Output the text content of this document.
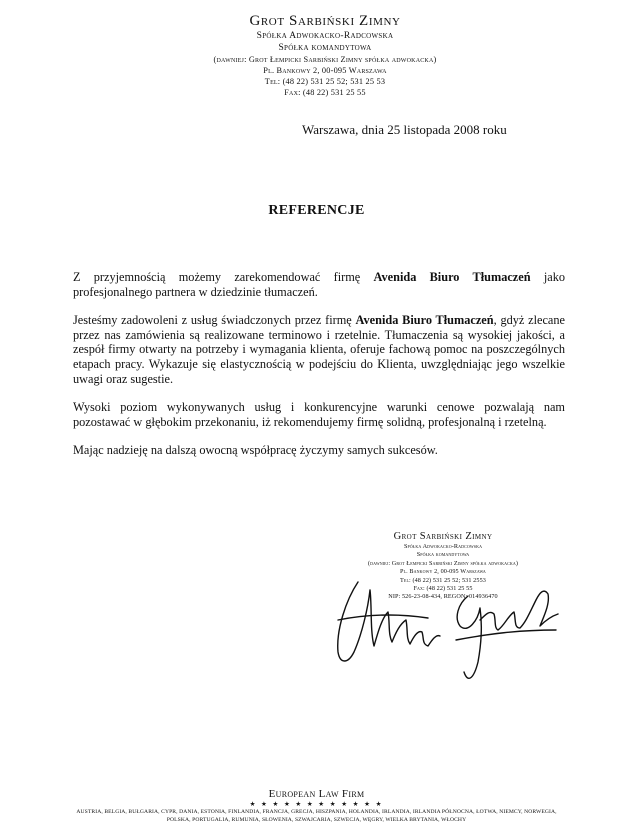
Grot Sarbiński Zimny
Spółka Adwokacko-Radcowska
Spółka komandytowa
(dawniej: Grot Łempicki Sarbiński Zimny spółka adwokacka)
Pl. Bankowy 2, 00-095 Warszawa
Tel: (48 22) 531 25 52; 531 25 53
Fax: (48 22) 531 25 55
Warszawa, dnia 25 listopada 2008 roku
REFERENCJE

Z przyjemnością możemy zarekomendować firmę Avenida Biuro Tłumaczeń jako profesjonalnego partnera w dziedzinie tłumaczeń.

Jesteśmy zadowoleni z usług świadczonych przez firmę Avenida Biuro Tłumaczeń, gdyż zlecane przez nas zamówienia są realizowane terminowo i rzetelnie. Tłumaczenia są wysokiej jakości, a zespół firmy otwarty na potrzeby i wymagania klienta, oferuje fachową pomoc na poszczególnych etapach pracy. Wykazuje się elastycznością w podejściu do Klienta, uwzględniając jego wszelkie uwagi oraz sugestie.

Wysoki poziom wykonywanych usług i konkurencyjne warunki cenowe pozwalają nam pozostawać w głębokim przekonaniu, iż rekomendujemy firmę solidną, profesjonalną i rzetelną.

Mając nadzieję na dalszą owocną współpracę życzymy samych sukcesów.

Grot Sarbiński Zimny
Spółka Adwokacko-Radcowska
Spółka komandytowa
(dawniej: Grot Łempicki Sarbiński Zimny spółka adwokacka)
Pl. Bankowy 2, 00-095 Warszawa
Tel: (48 22) 531 25 52; 531 2553
Fax: (48 22) 531 25 55
NIP: 526-23-08-434, REGON: 014936470
European Law Firm
★ ★ ★ ★ ★ ★ ★ ★ ★ ★ ★ ★
AUSTRIA, BELGIA, BUŁGARIA, CYPR, DANIA, ESTONIA, FINLANDIA, FRANCJA, GRECJA, HISZPANIA, HOLANDIA, IRLANDIA, IRLANDIA PÓŁNOCNA, ŁOTWA, NIEMCY, NORWEGIA, POLSKA, PORTUGALIA, RUMUNIA, SŁOWENIA, SZWAJCARIA, SZWECJA, WĘGRY, WIELKA BRYTANIA, WŁOCHY
